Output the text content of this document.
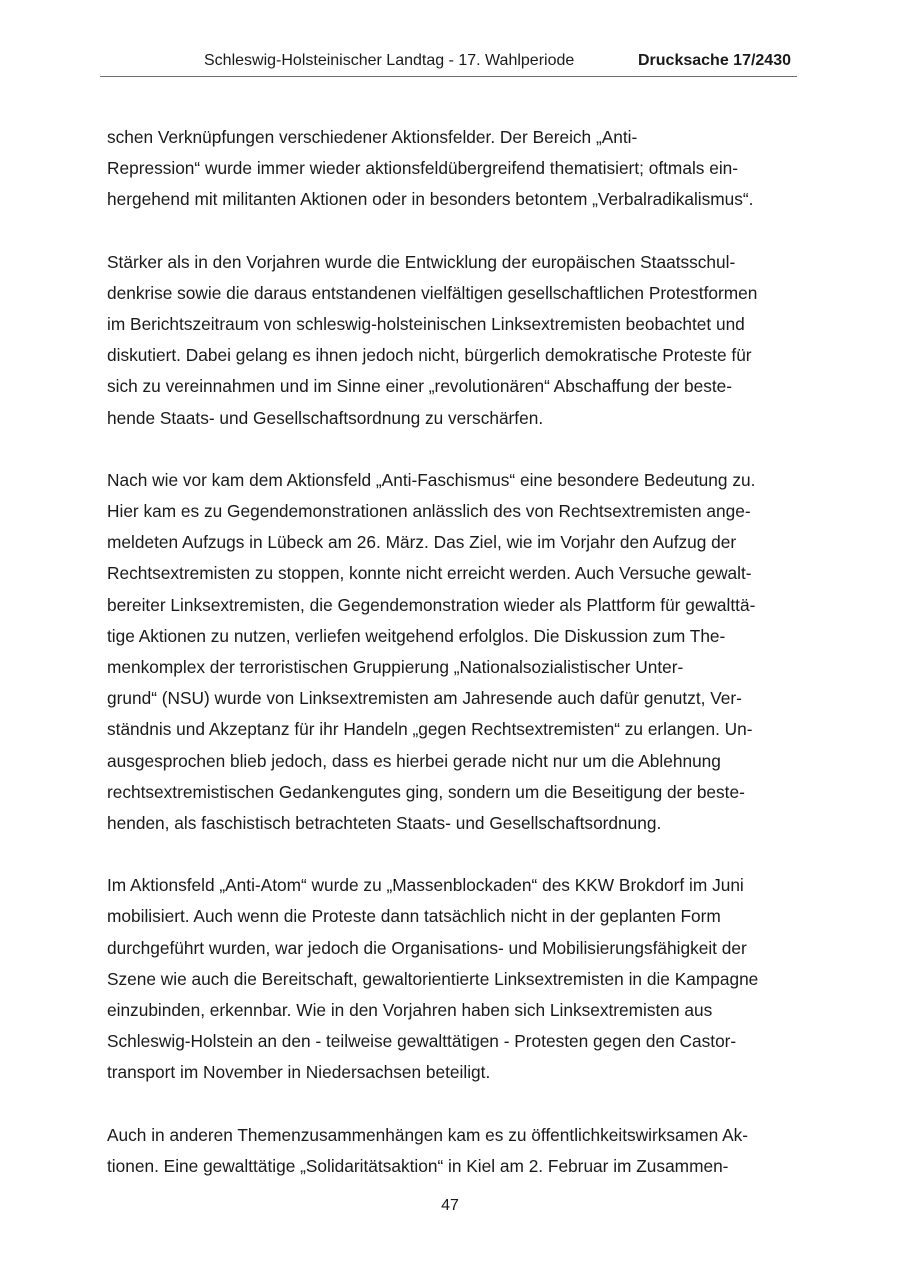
Schleswig-Holsteinischer Landtag - 17. Wahlperiode	Drucksache 17/2430

schen Verknüpfungen verschiedener Aktionsfelder. Der Bereich „Anti-
Repression“ wurde immer wieder aktionsfeldübergreifend thematisiert; oftmals ein-
hergehend mit militanten Aktionen oder in besonders betontem „Verbalradikalismus“.

Stärker als in den Vorjahren wurde die Entwicklung der europäischen Staatsschul-
denkrise sowie die daraus entstandenen vielfältigen gesellschaftlichen Protestformen
im Berichtszeitraum von schleswig-holsteinischen Linksextremisten beobachtet und
diskutiert. Dabei gelang es ihnen jedoch nicht, bürgerlich demokratische Proteste für
sich zu vereinnahmen und im Sinne einer „revolutionären“ Abschaffung der beste-
hende Staats- und Gesellschaftsordnung zu verschärfen.

Nach wie vor kam dem Aktionsfeld „Anti-Faschismus“ eine besondere Bedeutung zu.
Hier kam es zu Gegendemonstrationen anlässlich des von Rechtsextremisten ange-
meldeten Aufzugs in Lübeck am 26. März. Das Ziel, wie im Vorjahr den Aufzug der
Rechtsextremisten zu stoppen, konnte nicht erreicht werden. Auch Versuche gewalt-
bereiter Linksextremisten, die Gegendemonstration wieder als Plattform für gewalttä-
tige Aktionen zu nutzen, verliefen weitgehend erfolglos. Die Diskussion zum The-
menkomplex der terroristischen Gruppierung „Nationalsozialistischer Unter-
grund“ (NSU) wurde von Linksextremisten am Jahresende auch dafür genutzt, Ver-
ständnis und Akzeptanz für ihr Handeln „gegen Rechtsextremisten“ zu erlangen. Un-
ausgesprochen blieb jedoch, dass es hierbei gerade nicht nur um die Ablehnung
rechtsextremistischen Gedankengutes ging, sondern um die Beseitigung der beste-
henden, als faschistisch betrachteten Staats- und Gesellschaftsordnung.

Im Aktionsfeld „Anti-Atom“ wurde zu „Massenblockaden“ des KKW Brokdorf im Juni
mobilisiert. Auch wenn die Proteste dann tatsächlich nicht in der geplanten Form
durchgeführt wurden, war jedoch die Organisations- und Mobilisierungsfähigkeit der
Szene wie auch die Bereitschaft, gewaltorientierte Linksextremisten in die Kampagne
einzubinden, erkennbar. Wie in den Vorjahren haben sich Linksextremisten aus
Schleswig-Holstein an den - teilweise gewalttätigen - Protesten gegen den Castor-
transport im November in Niedersachsen beteiligt.

Auch in anderen Themenzusammenhängen kam es zu öffentlichkeitswirksamen Ak-
tionen. Eine gewalttätige „Solidaritätsaktion“ in Kiel am 2. Februar im Zusammen-

47
